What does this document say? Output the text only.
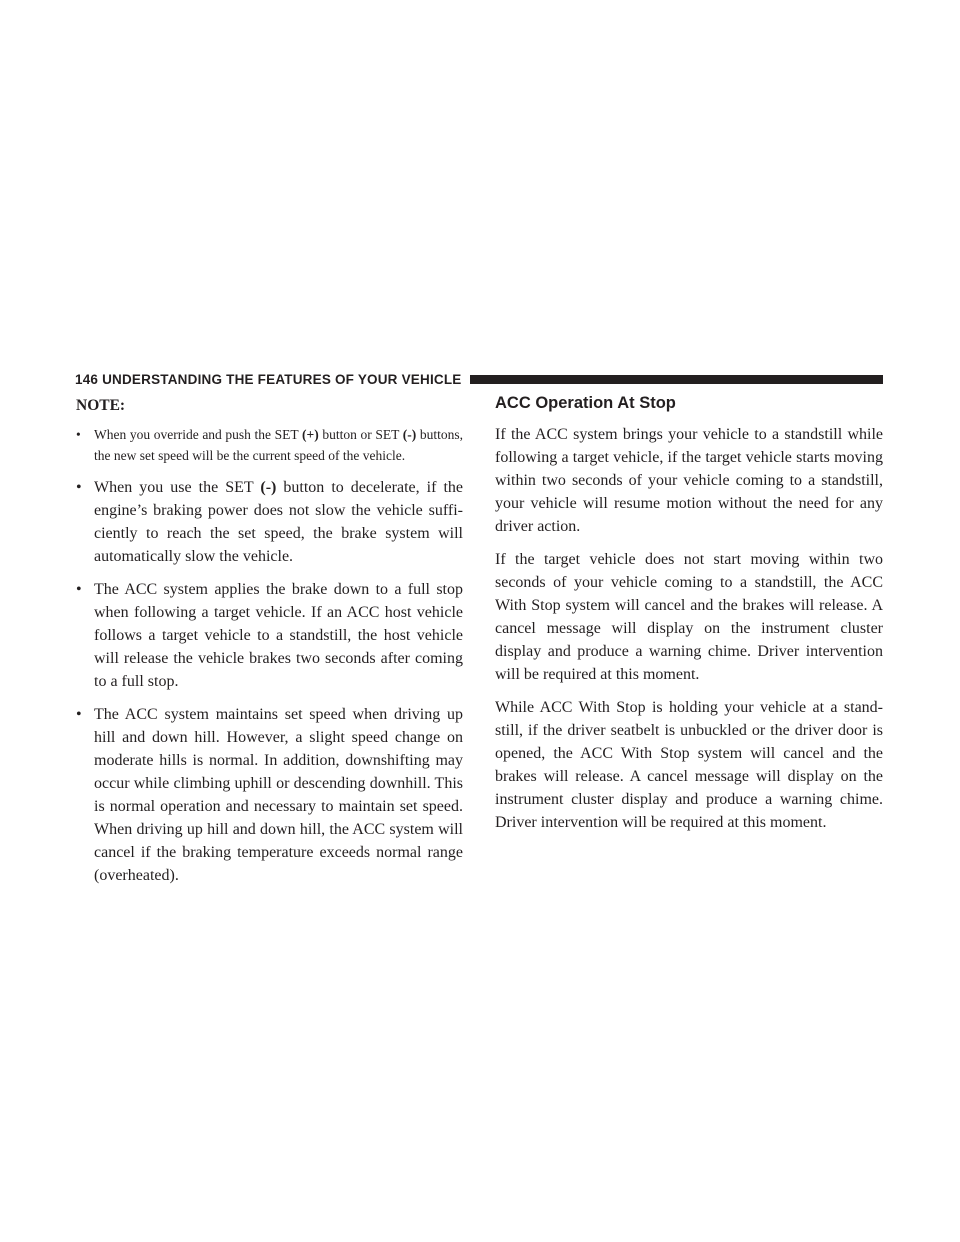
146 UNDERSTANDING THE FEATURES OF YOUR VEHICLE
NOTE:
• When you override and push the SET (+) button or SET (-) buttons, the new set speed will be the current speed of the vehicle.
• When you use the SET (-) button to decelerate, if the engine’s braking power does not slow the vehicle suffi- ciently to reach the set speed, the brake system will automatically slow the vehicle.
• The ACC system applies the brake down to a full stop when following a target vehicle. If an ACC host vehicle follows a target vehicle to a standstill, the host vehicle will release the vehicle brakes two seconds after coming to a full stop.
• The ACC system maintains set speed when driving up hill and down hill. However, a slight speed change on moderate hills is normal. In addition, downshifting may occur while climbing uphill or descending downhill. This is normal operation and necessary to maintain set speed. When driving up hill and down hill, the ACC system will cancel if the braking temperature exceeds normal range (overheated).
ACC Operation At Stop

If the ACC system brings your vehicle to a standstill while following a target vehicle, if the target vehicle starts moving within two seconds of your vehicle coming to a standstill, your vehicle will resume motion without the need for any driver action.

If the target vehicle does not start moving within two seconds of your vehicle coming to a standstill, the ACC With Stop system will cancel and the brakes will release. A cancel message will display on the instrument cluster display and produce a warning chime. Driver intervention will be required at this moment.

While ACC With Stop is holding your vehicle at a stand- still, if the driver seatbelt is unbuckled or the driver door is opened, the ACC With Stop system will cancel and the brakes will release. A cancel message will display on the instrument cluster display and produce a warning chime. Driver intervention will be required at this moment.
